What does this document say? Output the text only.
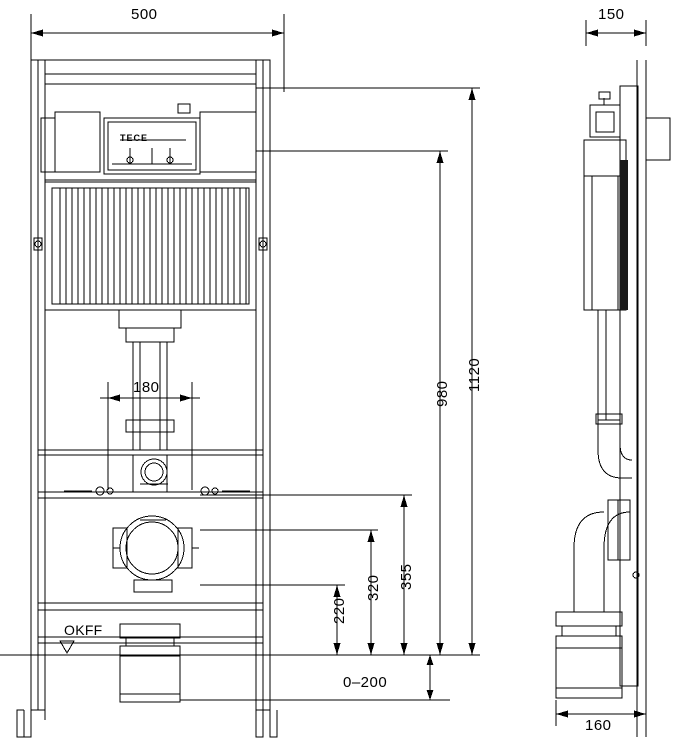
500	150
180	1120
980
355
320
220
0–200
160
OKFF
TECE
